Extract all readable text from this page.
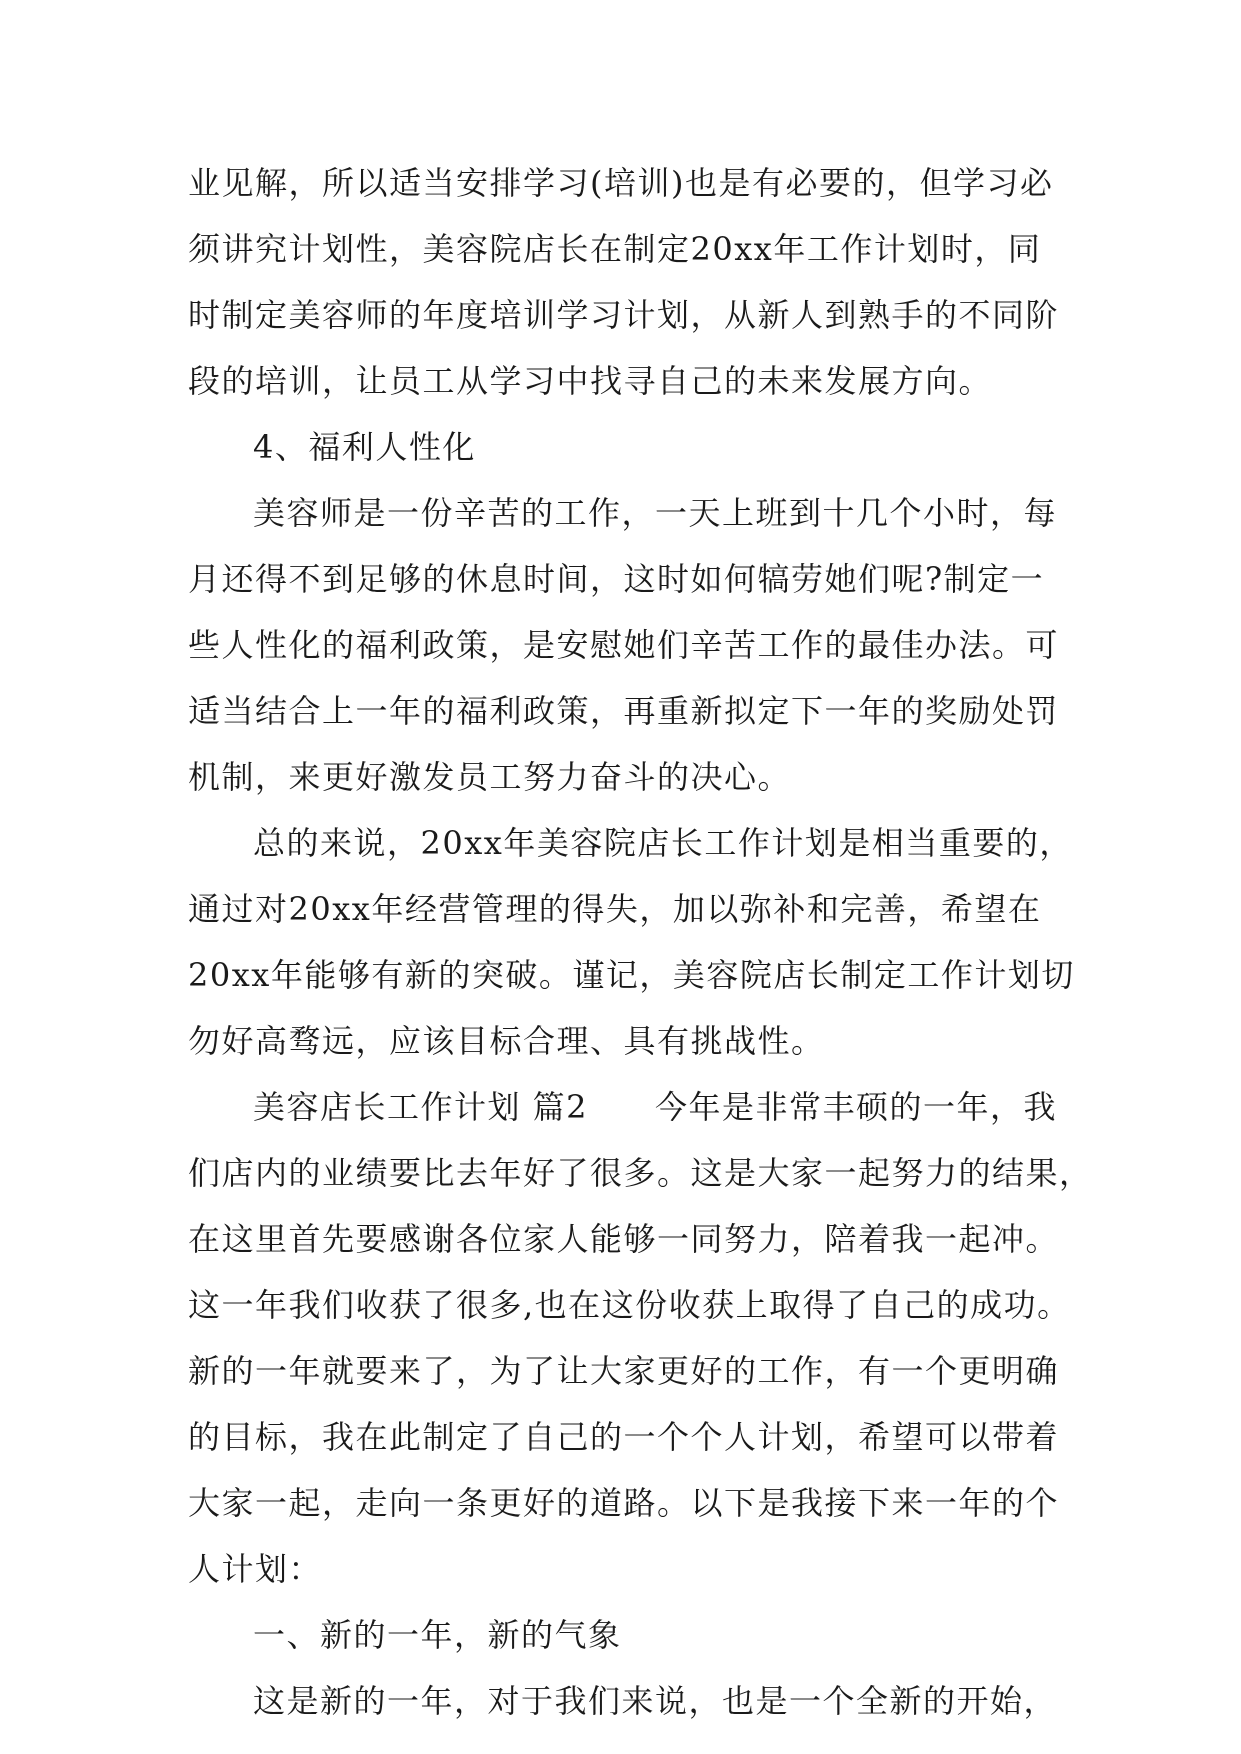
业见解，所以适当安排学习(培训)也是有必要的，但学习必
须讲究计划性，美容院店长在制定20xx年工作计划时，同
时制定美容师的年度培训学习计划，从新人到熟手的不同阶
段的培训，让员工从学习中找寻自己的未来发展方向。
4、福利人性化
美容师是一份辛苦的工作，一天上班到十几个小时，每
月还得不到足够的休息时间，这时如何犒劳她们呢?制定一
些人性化的福利政策，是安慰她们辛苦工作的最佳办法。可
适当结合上一年的福利政策，再重新拟定下一年的奖励处罚
机制，来更好激发员工努力奋斗的决心。
总的来说，20xx年美容院店长工作计划是相当重要的，
通过对20xx年经营管理的得失，加以弥补和完善，希望在
20xx年能够有新的突破。谨记，美容院店长制定工作计划切
勿好高骛远，应该目标合理、具有挑战性。
美容店长工作计划 篇2　　今年是非常丰硕的一年，我
们店内的业绩要比去年好了很多。这是大家一起努力的结果，
在这里首先要感谢各位家人能够一同努力，陪着我一起冲。
这一年我们收获了很多,也在这份收获上取得了自己的成功。
新的一年就要来了，为了让大家更好的工作，有一个更明确
的目标，我在此制定了自己的一个个人计划，希望可以带着
大家一起，走向一条更好的道路。以下是我接下来一年的个
人计划：
一、新的一年，新的气象
这是新的一年，对于我们来说，也是一个全新的开始，
